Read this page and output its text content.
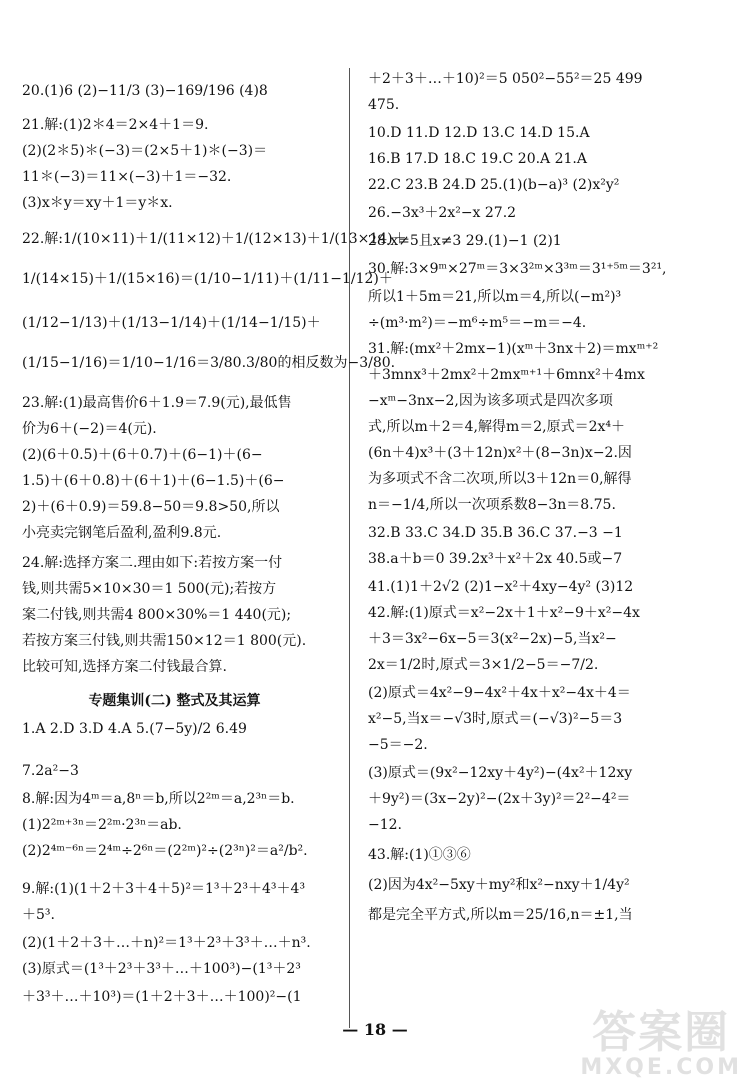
20.(1)6 (2)−11/3 (3)−169/196 (4)8
21.解:(1)2＊4＝2×4＋1＝9.
(2)(2＊5)＊(−3)＝(2×5＋1)＊(−3)＝
11＊(−3)＝11×(−3)＋1＝−32.
(3)x＊y＝xy＋1＝y＊x.
22.解:1/(10×11)＋1/(11×12)＋1/(12×13)＋1/(13×14)＋
1/(14×15)＋1/(15×16)＝(1/10−1/11)＋(1/11−1/12)＋
(1/12−1/13)＋(1/13−1/14)＋(1/14−1/15)＋
(1/15−1/16)＝1/10−1/16＝3/80.3/80的相反数为−3/80.
23.解:(1)最高售价6＋1.9＝7.9(元),最低售
价为6＋(−2)＝4(元).
(2)(6＋0.5)＋(6＋0.7)＋(6−1)＋(6−
1.5)＋(6＋0.8)＋(6＋1)＋(6−1.5)＋(6−
2)＋(6＋0.9)＝59.8−50＝9.8>50,所以
小亮卖完钢笔后盈利,盈利9.8元.
24.解:选择方案二.理由如下:若按方案一付
钱,则共需5×10×30＝1 500(元);若按方
案二付钱,则共需4 800×30%＝1 440(元);
若按方案三付钱,则共需150×12＝1 800(元).
比较可知,选择方案二付钱最合算.
1.A 2.D 3.D 4.A 5.(7−5y)/2 6.49
7.2a²−3
8.解:因为4ᵐ＝a,8ⁿ＝b,所以2²ᵐ＝a,2³ⁿ＝b.
(1)2²ᵐ⁺³ⁿ＝2²ᵐ·2³ⁿ＝ab.
(2)2⁴ᵐ⁻⁶ⁿ＝2⁴ᵐ÷2⁶ⁿ＝(2²ᵐ)²÷(2³ⁿ)²＝a²/b².
9.解:(1)(1＋2＋3＋4＋5)²＝1³＋2³＋4³＋4³
＋5³.
(2)(1＋2＋3＋…＋n)²＝1³＋2³＋3³＋…＋n³.
(3)原式＝(1³＋2³＋3³＋…＋100³)−(1³＋2³
＋3³＋…＋10³)＝(1＋2＋3＋…＋100)²−(1
专题集训(二) 整式及其运算
＋2＋3＋…＋10)²＝5 050²−55²＝25 499
475.
10.D 11.D 12.D 13.C 14.D 15.A
16.B 17.D 18.C 19.C 20.A 21.A
22.C 23.B 24.D 25.(1)(b−a)³ (2)x²y²
26.−3x³＋2x²−x 27.2
28.x≠5且x≠3 29.(1)−1 (2)1
30.解:3×9ᵐ×27ᵐ＝3×3²ᵐ×3³ᵐ＝3¹⁺⁵ᵐ＝3²¹,
所以1＋5m＝21,所以m＝4,所以(−m²)³
÷(m³·m²)＝−m⁶÷m⁵＝−m＝−4.
31.解:(mx²＋2mx−1)(xᵐ＋3nx＋2)＝mxᵐ⁺²
＋3mnx³＋2mx²＋2mxᵐ⁺¹＋6mnx²＋4mx
−xᵐ−3nx−2,因为该多项式是四次多项
式,所以m＋2＝4,解得m＝2,原式＝2x⁴＋
(6n＋4)x³＋(3＋12n)x²＋(8−3n)x−2.因
为多项式不含二次项,所以3＋12n＝0,解得
n＝−1/4,所以一次项系数8−3n＝8.75.
32.B 33.C 34.D 35.B 36.C 37.−3 −1
38.a＋b＝0 39.2x³＋x²＋2x 40.5或−7
41.(1)1＋2√2 (2)1−x²＋4xy−4y² (3)12
42.解:(1)原式＝x²−2x＋1＋x²−9＋x²−4x
＋3＝3x²−6x−5＝3(x²−2x)−5,当x²−
2x＝1/2时,原式＝3×1/2−5＝−7/2.
(2)原式＝4x²−9−4x²＋4x＋x²−4x＋4＝
x²−5,当x＝−√3时,原式＝(−√3)²−5＝3
−5＝−2.
(3)原式＝(9x²−12xy＋4y²)−(4x²＋12xy
＋9y²)＝(3x−2y)²−(2x＋3y)²＝2²−4²＝
−12.
43.解:(1)①③⑥
(2)因为4x²−5xy＋my²和x²−nxy＋1/4y²
都是完全平方式,所以m＝25/16,n＝±1,当
— 18 —	答案圈
MXQE.COM
